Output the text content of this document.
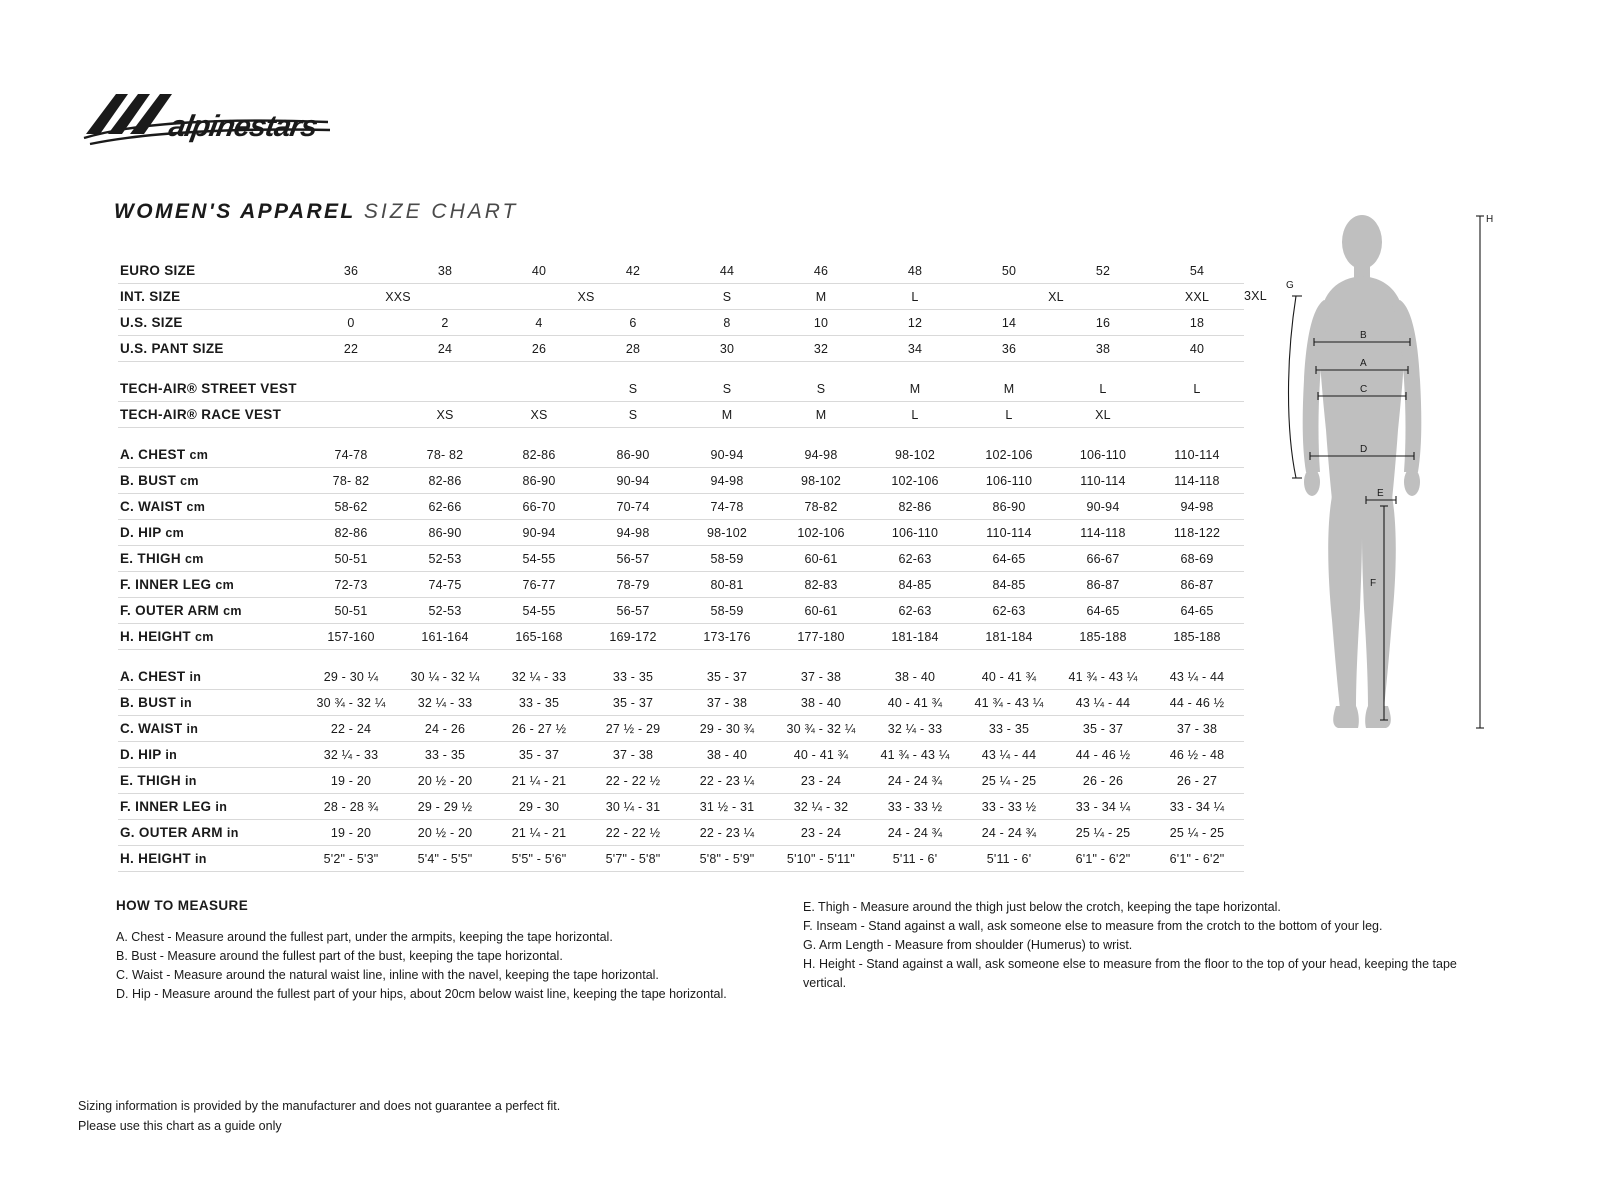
alpinestars
WOMEN'S APPAREL SIZE CHART
EURO SIZE	36	38	40	42	44	46	48	50	52	54	
INT. SIZE	XXS		XS		S	M	L	XL		XXL	3XL
U.S. SIZE	0	2	4	6	8	10	12	14	16	18	
U.S. PANT SIZE	22	24	26	28	30	32	34	36	38	40	

TECH-AIR® STREET VEST				S	S	S	M	M	L	L	
TECH-AIR® RACE VEST		XS	XS	S	M	M	L	L	XL		

A. CHEST cm	74-78	78- 82	82-86	86-90	90-94	94-98	98-102	102-106	106-110	110-114	
B. BUST cm	78- 82	82-86	86-90	90-94	94-98	98-102	102-106	106-110	110-114	114-118	
C. WAIST cm	58-62	62-66	66-70	70-74	74-78	78-82	82-86	86-90	90-94	94-98	
D. HIP cm	82-86	86-90	90-94	94-98	98-102	102-106	106-110	110-114	114-118	118-122	
E. THIGH cm	50-51	52-53	54-55	56-57	58-59	60-61	62-63	64-65	66-67	68-69	
F. INNER LEG cm	72-73	74-75	76-77	78-79	80-81	82-83	84-85	84-85	86-87	86-87	
F. OUTER ARM cm	50-51	52-53	54-55	56-57	58-59	60-61	62-63	62-63	64-65	64-65	
H. HEIGHT cm	157-160	161-164	165-168	169-172	173-176	177-180	181-184	181-184	185-188	185-188	

A. CHEST in	29 - 30 ¼	30 ¼ - 32 ¼	32 ¼ - 33	33 - 35	35 - 37	37 - 38	38 - 40	40 - 41 ¾	41 ¾ - 43 ¼	43 ¼ - 44	
B. BUST in	30 ¾ - 32 ¼	32 ¼ - 33	33 - 35	35 - 37	37 - 38	38 - 40	40 - 41 ¾	41 ¾ - 43 ¼	43 ¼ - 44	44 - 46 ½	
C. WAIST in	22 - 24	24 - 26	26 - 27 ½	27 ½ - 29	29 - 30 ¾	30 ¾ - 32 ¼	32 ¼ - 33	33 - 35	35 - 37	37 - 38	
D. HIP in	32 ¼ - 33	33 - 35	35 - 37	37 - 38	38 - 40	40 - 41 ¾	41 ¾ - 43 ¼	43 ¼ - 44	44 - 46 ½	46 ½ - 48	
E. THIGH in	19 - 20	20 ½ - 20	21 ¼ - 21	22 - 22 ½	22 - 23 ¼	23 - 24	24 - 24 ¾	25 ¼ - 25	26 - 26	26 - 27	
F. INNER LEG in	28 - 28 ¾	29 - 29 ½	29 - 30	30 ¼ - 31	31 ½ - 31	32 ¼ - 32	33 - 33 ½	33 - 33 ½	33 - 34 ¼	33 - 34 ¼	
G. OUTER ARM in	19 - 20	20 ½ - 20	21 ¼ - 21	22 - 22 ½	22 - 23 ¼	23 - 24	24 - 24 ¾	24 - 24 ¾	25 ¼ - 25	25 ¼ - 25	
H. HEIGHT in	5'2" - 5'3"	5'4" - 5'5"	5'5" - 5'6"	5'7" - 5'8"	5'8" - 5'9"	5'10" - 5'11"	5'11 - 6'	5'11 - 6'	6'1" - 6'2"	6'1" - 6'2"	
H
G
B
A
C
D
E
F
HOW TO MEASURE

A. Chest - Measure around the fullest part, under the armpits, keeping the tape horizontal.

B. Bust - Measure around the fullest part of the bust, keeping the tape horizontal.

C. Waist - Measure around the natural waist line, inline with the navel, keeping the tape horizontal.

D. Hip - Measure around the fullest part of your hips, about 20cm below waist line, keeping the tape horizontal.

E. Thigh - Measure around the thigh just below the crotch, keeping the tape horizontal.

F. Inseam - Stand against a wall, ask someone else to measure from the crotch to the bottom of your leg.

G. Arm Length - Measure from shoulder (Humerus) to wrist.

H. Height - Stand against a wall, ask someone else to measure from the floor to the top of your head, keeping the tape vertical.

Sizing information is provided by the manufacturer and does not guarantee a perfect fit.

Please use this chart as a guide only
